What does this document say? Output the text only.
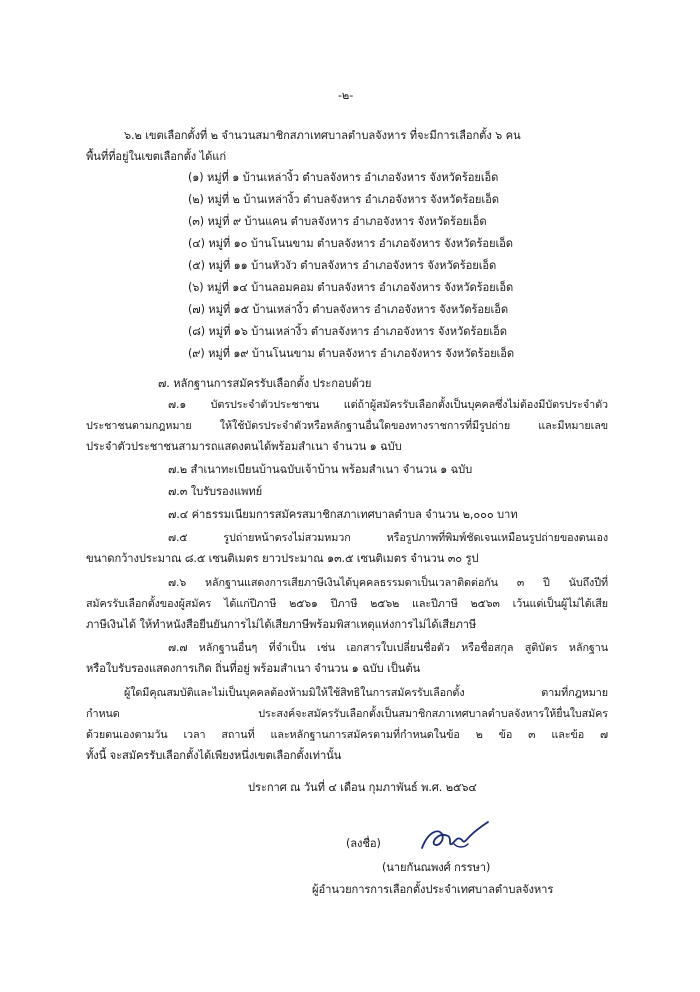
-๒-
๖.๒ เขตเลือกตั้งที่ ๒ จำนวนสมาชิกสภาเทศบาลตำบลจังหาร ที่จะมีการเลือกตั้ง ๖ คน
พื้นที่ที่อยู่ในเขตเลือกตั้ง ได้แก่
(๑) หมู่ที่ ๑ บ้านเหล่างิ้ว ตำบลจังหาร อำเภอจังหาร จังหวัดร้อยเอ็ด
(๒) หมู่ที่ ๒ บ้านเหล่างิ้ว ตำบลจังหาร อำเภอจังหาร จังหวัดร้อยเอ็ด
(๓) หมู่ที่ ๙ บ้านแคน ตำบลจังหาร อำเภอจังหาร จังหวัดร้อยเอ็ด
(๔) หมู่ที่ ๑๐ บ้านโนนขาม ตำบลจังหาร อำเภอจังหาร จังหวัดร้อยเอ็ด
(๕) หมู่ที่ ๑๑ บ้านหัวงัว ตำบลจังหาร อำเภอจังหาร จังหวัดร้อยเอ็ด
(๖) หมู่ที่ ๑๔ บ้านลอมคอม ตำบลจังหาร อำเภอจังหาร จังหวัดร้อยเอ็ด
(๗) หมู่ที่ ๑๕ บ้านเหล่างิ้ว ตำบลจังหาร อำเภอจังหาร จังหวัดร้อยเอ็ด
(๘) หมู่ที่ ๑๖ บ้านเหล่างิ้ว ตำบลจังหาร อำเภอจังหาร จังหวัดร้อยเอ็ด
(๙) หมู่ที่ ๑๙ บ้านโนนขาม ตำบลจังหาร อำเภอจังหาร จังหวัดร้อยเอ็ด
๗. หลักฐานการสมัครรับเลือกตั้ง ประกอบด้วย
๗.๑ บัตรประจำตัวประชาชน แต่ถ้าผู้สมัครรับเลือกตั้งเป็นบุคคลซึ่งไม่ต้องมีบัตรประจำตัว
ประชาชนตามกฎหมาย ให้ใช้บัตรประจำตัวหรือหลักฐานอื่นใดของทางราชการที่มีรูปถ่าย และมีหมายเลข
ประจำตัวประชาชนสามารถแสดงตนได้พร้อมสำเนา จำนวน ๑ ฉบับ
๗.๒ สำเนาทะเบียนบ้านฉบับเจ้าบ้าน พร้อมสำเนา จำนวน ๑ ฉบับ
๗.๓ ใบรับรองแพทย์
๗.๔ ค่าธรรมเนียมการสมัครสมาชิกสภาเทศบาลตำบล จำนวน ๒,๐๐๐ บาท
๗.๕ รูปถ่ายหน้าตรงไม่สวมหมวก หรือรูปภาพที่พิมพ์ชัดเจนเหมือนรูปถ่ายของตนเอง
ขนาดกว้างประมาณ ๘.๕ เซนติเมตร ยาวประมาณ ๑๓.๕ เซนติเมตร จำนวน ๓๐ รูป
๗.๖ หลักฐานแสดงการเสียภาษีเงินได้บุคคลธรรมดาเป็นเวลาติดต่อกัน ๓ ปี นับถึงปีที่
สมัครรับเลือกตั้งของผู้สมัคร ได้แก่ปีภาษี ๒๕๖๑ ปีภาษี ๒๕๖๒ และปีภาษี ๒๕๖๓ เว้นแต่เป็นผู้ไม่ได้เสีย
ภาษีเงินได้ ให้ทำหนังสือยืนยันการไม่ได้เสียภาษีพร้อมพิสาเหตุแห่งการไม่ได้เสียภาษี
๗.๗ หลักฐานอื่นๆ ที่จำเป็น เช่น เอกสารใบเปลี่ยนชื่อตัว หรือชื่อสกุล สูติบัตร หลักฐาน
หรือใบรับรองแสดงการเกิด ถิ่นที่อยู่ พร้อมสำเนา จำนวน ๑ ฉบับ เป็นต้น
ผู้ใดมีคุณสมบัติและไม่เป็นบุคคลต้องห้ามมิให้ใช้สิทธิในการสมัครรับเลือกตั้ง ตามที่กฎหมาย
กำหนด ประสงค์จะสมัครรับเลือกตั้งเป็นสมาชิกสภาเทศบาลตำบลจังหารให้ยื่นใบสมัคร
ด้วยตนเองตามวัน เวลา สถานที่ และหลักฐานการสมัครตามที่กำหนดในข้อ ๒ ข้อ ๓ และข้อ ๗
ทั้งนี้ จะสมัครรับเลือกตั้งได้เพียงหนึ่งเขตเลือกตั้งเท่านั้น
ประกาศ ณ วันที่ ๔ เดือน กุมภาพันธ์ พ.ศ. ๒๕๖๔
(ลงชื่อ)
(นายกันณพงศ์ กรรษา)
ผู้อำนวยการการเลือกตั้งประจำเทศบาลตำบลจังหาร
